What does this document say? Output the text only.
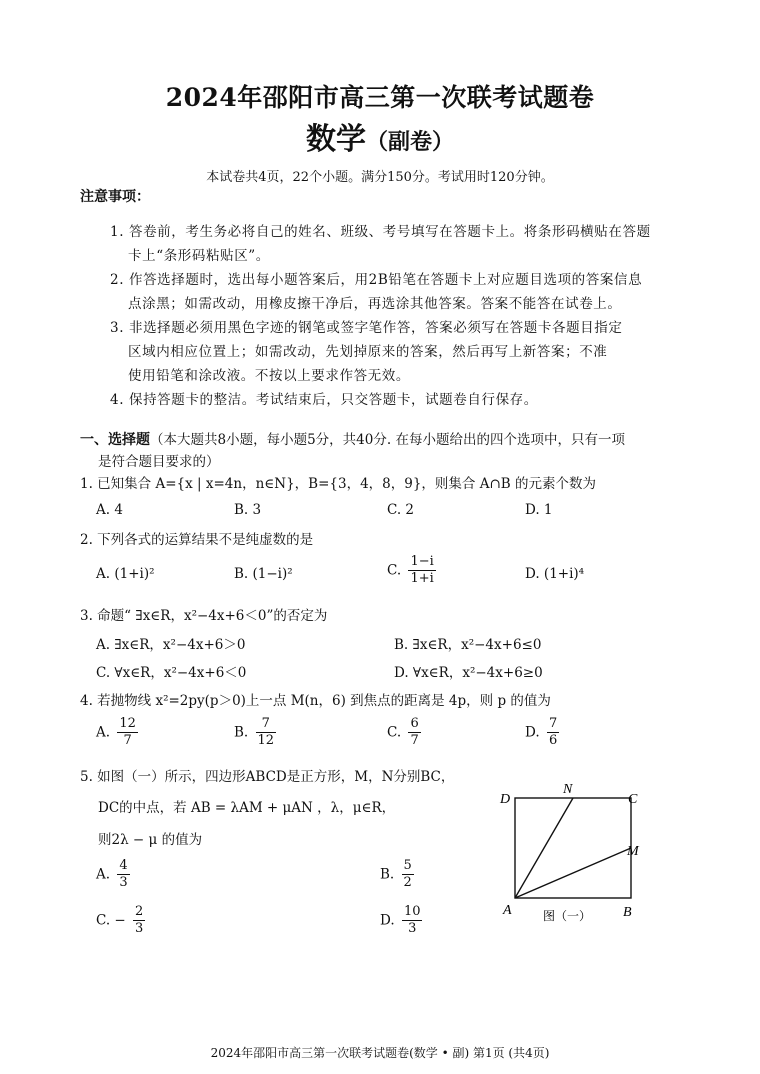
2024年邵阳市高三第一次联考试题卷
数学（副卷）
本试卷共4页，22个小题。满分150分。考试用时120分钟。
注意事项：
1. 答卷前，考生务必将自己的姓名、班级、考号填写在答题卡上。将条形码横贴在答题
卡上“条形码粘贴区”。
2. 作答选择题时，选出每小题答案后，用2B铅笔在答题卡上对应题目选项的答案信息
点涂黑；如需改动，用橡皮擦干净后，再选涂其他答案。答案不能答在试卷上。
3. 非选择题必须用黑色字迹的钢笔或签字笔作答，答案必须写在答题卡各题目指定
区域内相应位置上；如需改动，先划掉原来的答案，然后再写上新答案；不准
使用铅笔和涂改液。不按以上要求作答无效。
4. 保持答题卡的整洁。考试结束后，只交答题卡，试题卷自行保存。
一、选择题（本大题共8小题，每小题5分，共40分. 在每小题给出的四个选项中，只有一项
是符合题目要求的）
1. 已知集合 A={x | x=4n，n∈N}，B={3，4，8，9}，则集合 A∩B 的元素个数为
A. 4	B. 3	C. 2	D. 1
2. 下列各式的运算结果不是纯虚数的是
A. (1+i)²	B. (1−i)²	C. $\frac{1-i}{1+i}$	D. (1+i)⁴
3. 命题“ ∃x∈R，x²−4x+6＜0”的否定为
A. ∃x∈R，x²−4x+6＞0	B. ∃x∈R，x²−4x+6≤0
C. ∀x∈R，x²−4x+6＜0	D. ∀x∈R，x²−4x+6≥0
4. 若抛物线 x²=2py(p＞0)上一点 M(n，6) 到焦点的距离是 4p，则 p 的值为
A. $\frac{12}{7}$	B. $\frac{7}{12}$	C. $\frac{6}{7}$	D. $\frac{7}{6}$
5. 如图（一）所示，四边形ABCD是正方形，M，N分别BC，
DC的中点，若 AB = λAM + μAN ，λ，μ∈R，
则2λ − μ 的值为
A. $\frac{4}{3}$	B. $\frac{5}{2}$
C. − $\frac{2}{3}$	D. $\frac{10}{3}$
D
N
C
M
A	B
图（一）
2024年邵阳市高三第一次联考试题卷(数学 • 副) 第1页 (共4页)
